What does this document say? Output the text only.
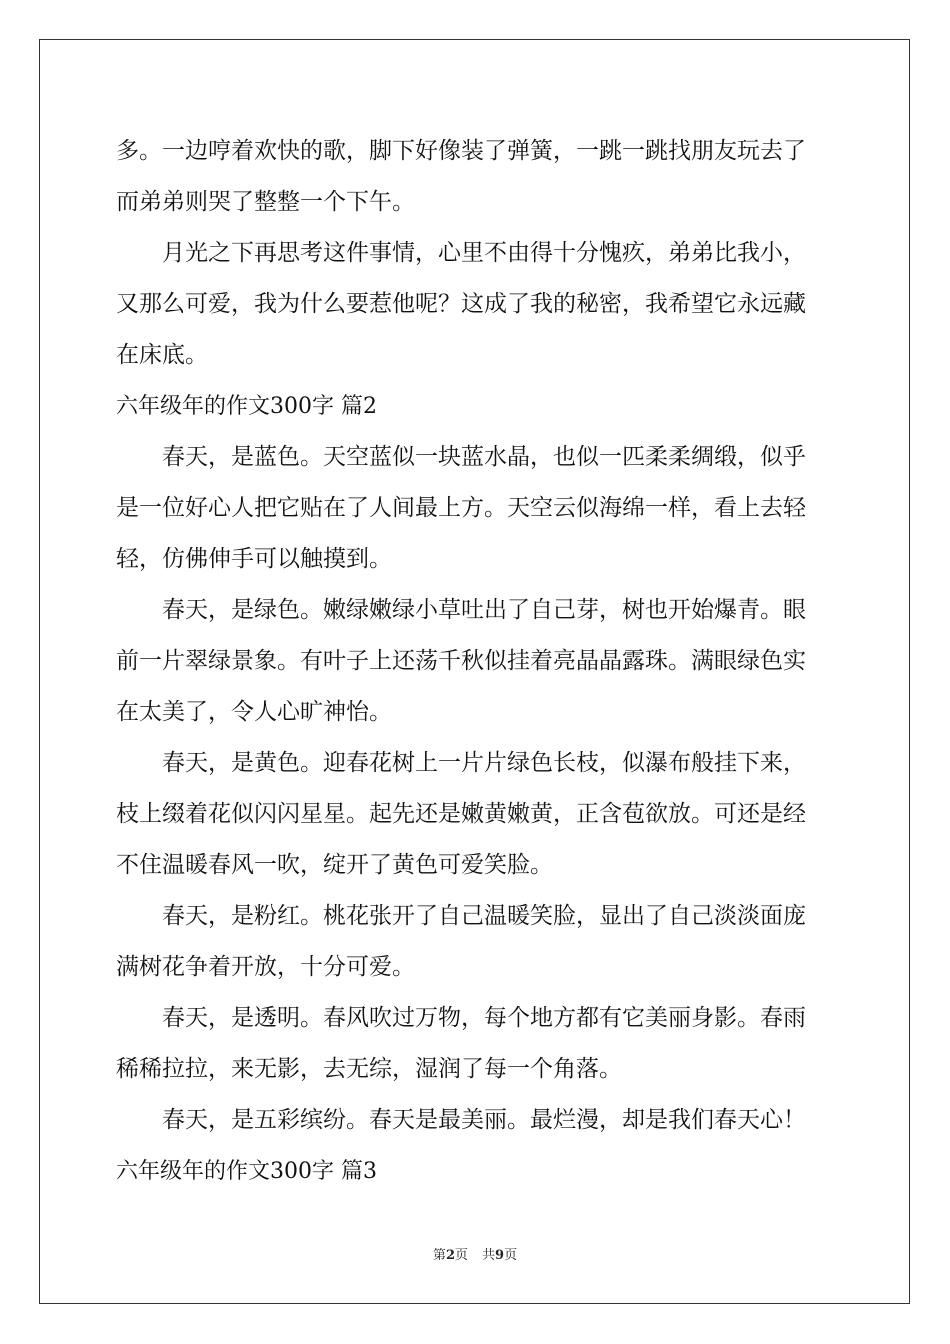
多。一边哼着欢快的歌，脚下好像装了弹簧，一跳一跳找朋友玩去了
而弟弟则哭了整整一个下午。
月光之下再思考这件事情，心里不由得十分愧疚，弟弟比我小，
又那么可爱，我为什么要惹他呢？这成了我的秘密，我希望它永远藏
在床底。
六年级年的作文300字 篇2
春天，是蓝色。天空蓝似一块蓝水晶，也似一匹柔柔绸缎，似乎
是一位好心人把它贴在了人间最上方。天空云似海绵一样，看上去轻
轻，仿佛伸手可以触摸到。
春天，是绿色。嫩绿嫩绿小草吐出了自己芽，树也开始爆青。眼
前一片翠绿景象。有叶子上还荡千秋似挂着亮晶晶露珠。满眼绿色实
在太美了，令人心旷神怡。
春天，是黄色。迎春花树上一片片绿色长枝，似瀑布般挂下来，
枝上缀着花似闪闪星星。起先还是嫩黄嫩黄，正含苞欲放。可还是经
不住温暖春风一吹，绽开了黄色可爱笑脸。
春天，是粉红。桃花张开了自己温暖笑脸，显出了自己淡淡面庞
满树花争着开放，十分可爱。
春天，是透明。春风吹过万物，每个地方都有它美丽身影。春雨
稀稀拉拉，来无影，去无综，湿润了每一个角落。
春天，是五彩缤纷。春天是最美丽。最烂漫，却是我们春天心！
六年级年的作文300字 篇3
第2页 共9页
